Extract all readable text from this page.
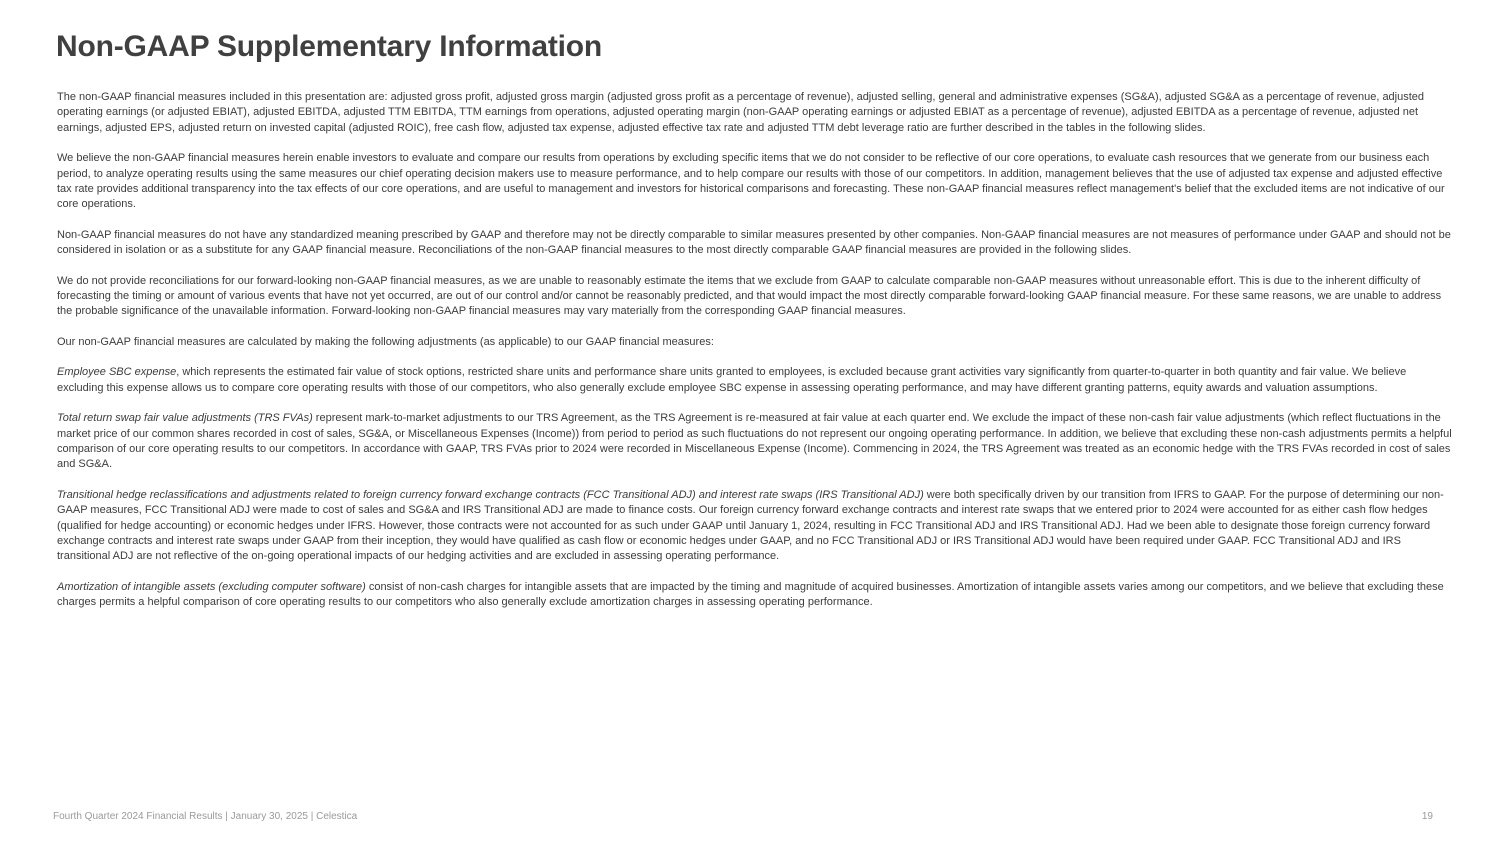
Non-GAAP Supplementary Information

The non-GAAP financial measures included in this presentation are: adjusted gross profit, adjusted gross margin (adjusted gross profit as a percentage of revenue), adjusted selling, general and administrative expenses (SG&A), adjusted SG&A as a percentage of revenue, adjusted operating earnings (or adjusted EBIAT), adjusted EBITDA, adjusted TTM EBITDA, TTM earnings from operations, adjusted operating margin (non-GAAP operating earnings or adjusted EBIAT as a percentage of revenue), adjusted EBITDA as a percentage of revenue, adjusted net earnings, adjusted EPS, adjusted return on invested capital (adjusted ROIC), free cash flow, adjusted tax expense, adjusted effective tax rate and adjusted TTM debt leverage ratio are further described in the tables in the following slides.

We believe the non-GAAP financial measures herein enable investors to evaluate and compare our results from operations by excluding specific items that we do not consider to be reflective of our core operations, to evaluate cash resources that we generate from our business each period, to analyze operating results using the same measures our chief operating decision makers use to measure performance, and to help compare our results with those of our competitors. In addition, management believes that the use of adjusted tax expense and adjusted effective tax rate provides additional transparency into the tax effects of our core operations, and are useful to management and investors for historical comparisons and forecasting. These non-GAAP financial measures reflect management's belief that the excluded items are not indicative of our core operations.

Non-GAAP financial measures do not have any standardized meaning prescribed by GAAP and therefore may not be directly comparable to similar measures presented by other companies. Non-GAAP financial measures are not measures of performance under GAAP and should not be considered in isolation or as a substitute for any GAAP financial measure. Reconciliations of the non-GAAP financial measures to the most directly comparable GAAP financial measures are provided in the following slides.

We do not provide reconciliations for our forward-looking non-GAAP financial measures, as we are unable to reasonably estimate the items that we exclude from GAAP to calculate comparable non-GAAP measures without unreasonable effort. This is due to the inherent difficulty of forecasting the timing or amount of various events that have not yet occurred, are out of our control and/or cannot be reasonably predicted, and that would impact the most directly comparable forward-looking GAAP financial measure. For these same reasons, we are unable to address the probable significance of the unavailable information. Forward-looking non-GAAP financial measures may vary materially from the corresponding GAAP financial measures.

Our non-GAAP financial measures are calculated by making the following adjustments (as applicable) to our GAAP financial measures:

Employee SBC expense, which represents the estimated fair value of stock options, restricted share units and performance share units granted to employees, is excluded because grant activities vary significantly from quarter-to-quarter in both quantity and fair value. We believe excluding this expense allows us to compare core operating results with those of our competitors, who also generally exclude employee SBC expense in assessing operating performance, and may have different granting patterns, equity awards and valuation assumptions.

Total return swap fair value adjustments (TRS FVAs) represent mark-to-market adjustments to our TRS Agreement, as the TRS Agreement is re-measured at fair value at each quarter end. We exclude the impact of these non-cash fair value adjustments (which reflect fluctuations in the market price of our common shares recorded in cost of sales, SG&A, or Miscellaneous Expenses (Income)) from period to period as such fluctuations do not represent our ongoing operating performance. In addition, we believe that excluding these non-cash adjustments permits a helpful comparison of our core operating results to our competitors. In accordance with GAAP, TRS FVAs prior to 2024 were recorded in Miscellaneous Expense (Income). Commencing in 2024, the TRS Agreement was treated as an economic hedge with the TRS FVAs recorded in cost of sales and SG&A.

Transitional hedge reclassifications and adjustments related to foreign currency forward exchange contracts (FCC Transitional ADJ) and interest rate swaps (IRS Transitional ADJ) were both specifically driven by our transition from IFRS to GAAP. For the purpose of determining our non-GAAP measures, FCC Transitional ADJ were made to cost of sales and SG&A and IRS Transitional ADJ are made to finance costs. Our foreign currency forward exchange contracts and interest rate swaps that we entered prior to 2024 were accounted for as either cash flow hedges (qualified for hedge accounting) or economic hedges under IFRS. However, those contracts were not accounted for as such under GAAP until January 1, 2024, resulting in FCC Transitional ADJ and IRS Transitional ADJ. Had we been able to designate those foreign currency forward exchange contracts and interest rate swaps under GAAP from their inception, they would have qualified as cash flow or economic hedges under GAAP, and no FCC Transitional ADJ or IRS Transitional ADJ would have been required under GAAP. FCC Transitional ADJ and IRS transitional ADJ are not reflective of the on-going operational impacts of our hedging activities and are excluded in assessing operating performance.

Amortization of intangible assets (excluding computer software) consist of non-cash charges for intangible assets that are impacted by the timing and magnitude of acquired businesses. Amortization of intangible assets varies among our competitors, and we believe that excluding these charges permits a helpful comparison of core operating results to our competitors who also generally exclude amortization charges in assessing operating performance.

Fourth Quarter 2024 Financial Results | January 30, 2025 | Celestica	19
